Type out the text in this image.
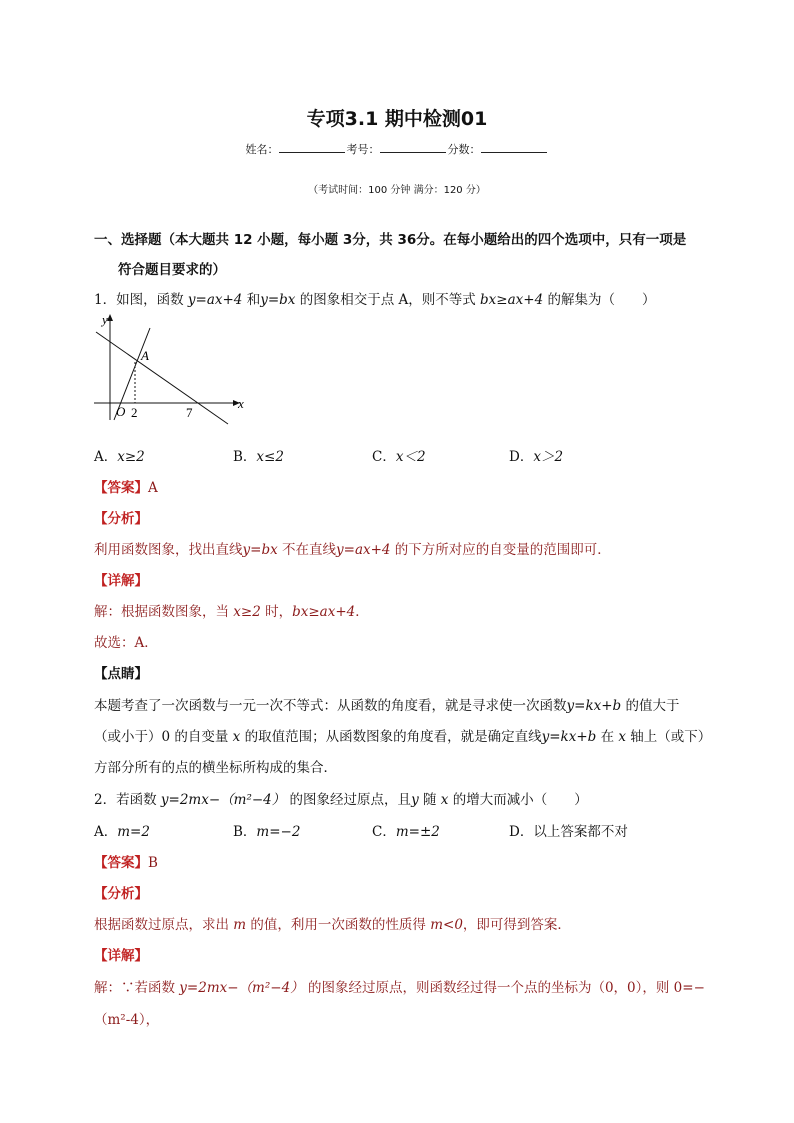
专项3.1 期中检测01
姓名：	考号：	分数：
（考试时间：100 分钟 满分：120 分）
一、选择题（本大题共 12 小题，每小题 3分，共 36分。在每小题给出的四个选项中，只有一项是
符合题目要求的）
1．如图，函数 y=ax+4 和y=bx 的图象相交于点 A，则不等式 bx≥ax+4 的解集为（　　）
y
x
O
A
2	7
A．x≥2	B．x≤2	C．x＜2	D．x＞2
【答案】A
【分析】
利用函数图象，找出直线y=bx 不在直线y=ax+4 的下方所对应的自变量的范围即可．
【详解】
解：根据函数图象，当 x≥2 时，bx≥ax+4．
故选：A．
【点睛】
本题考查了一次函数与一元一次不等式：从函数的角度看，就是寻求使一次函数y=kx+b 的值大于
（或小于）0 的自变量 x 的取值范围；从函数图象的角度看，就是确定直线y=kx+b 在 x 轴上（或下）
方部分所有的点的横坐标所构成的集合．
2．若函数 y=2mx−（m²−4） 的图象经过原点，且y 随 x 的增大而减小（　　）
A．m=2	B．m=−2	C．m=±2	D．以上答案都不对
【答案】B
【分析】
根据函数过原点，求出 m 的值，利用一次函数的性质得 m<0，即可得到答案．
【详解】
解：∵若函数 y=2mx−（m²−4） 的图象经过原点，则函数经过得一个点的坐标为（0，0），则 0=−
（m²-4），
